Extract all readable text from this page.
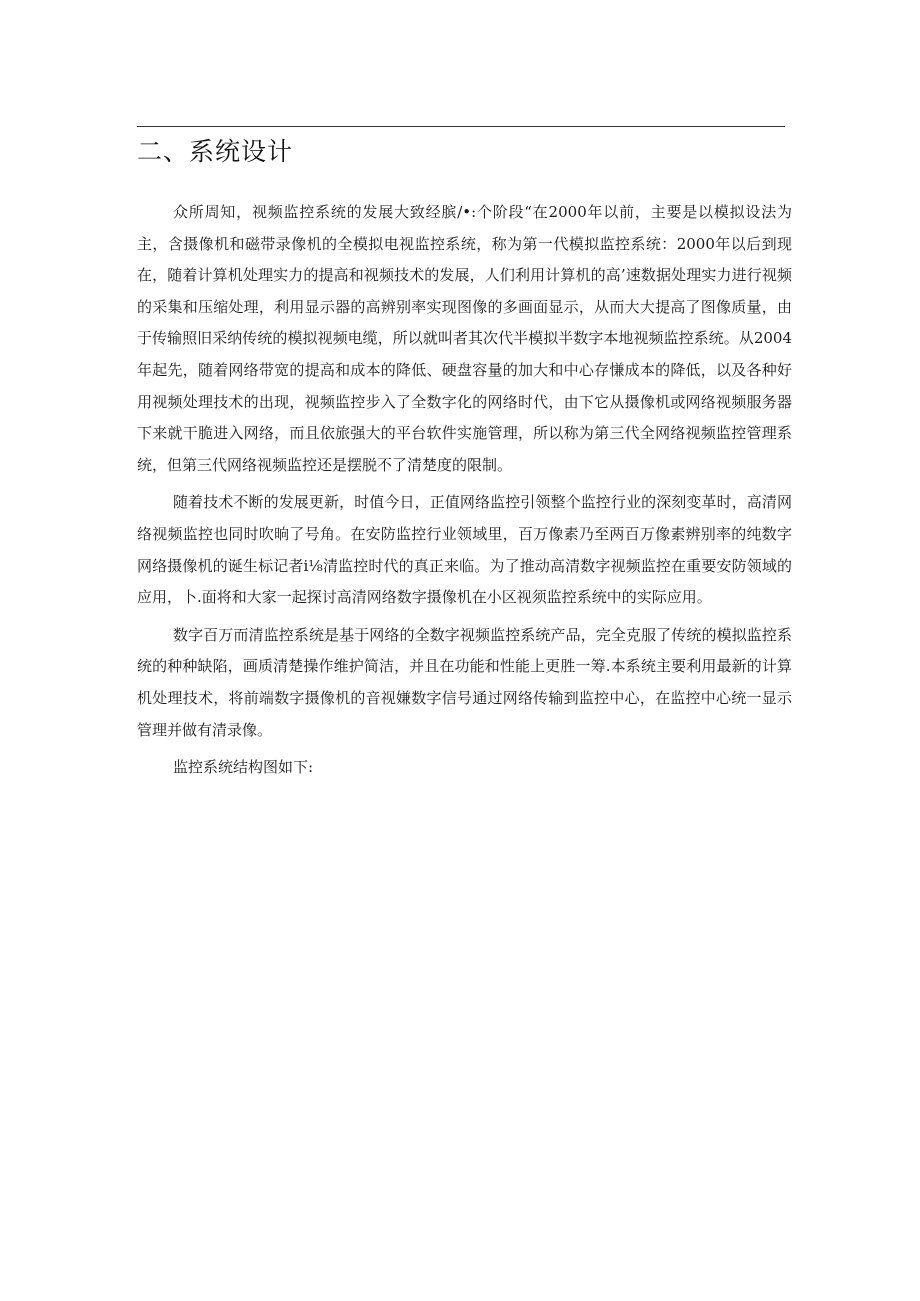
二、系统设计

众所周知，视频监控系统的发展大致经膑/•:个阶段“在2000年以前，主要是以模拟设法为主，含摄像机和磁带录像机的全模拟电视监控系统，称为第一代模拟监控系统：2000年以后到现在，随着计算机处理实力的提高和视频技术的发展，人们利用计算机的高’速数据处理实力进行视频的采集和压缩处理，利用显示器的高辨别率实现图像的多画面显示，从而大大提高了图像质量，由于传输照旧采纳传统的模拟视频电缆，所以就叫者其次代半模拟半数字本地视频监控系统。从2004年起先，随着网络带宽的提高和成本的降低、硬盘容量的加大和中心存慊成本的降低，以及各种好用视频处理技术的出现，视频监控步入了全数字化的网络时代，由下它从摄像机或网络视频服务器下来就干脆进入网络，而且依旅强大的平台软件实施管理，所以称为第三代全网络视频监控管理系统，但第三代网络视频监控还是摆脱不了清楚度的限制。

随着技术不断的发展更新，时值今日，正值网络监控引领整个监控行业的深刻变革时，高清网络视频监控也同时吹晌了号角。在安防监控行业领域里，百万像素乃至两百万像素辨别率的纯数字网络摄像机的诞生标记者i⅛清监控时代的真正来临。为了推动高清数字视频监控在重要安防领域的应用，卜.面将和大家一起探讨高清网络数字摄像机在小区视须监控系统中的实际应用。

数字百万而清监控系统是基于网络的全数字视频监控系统产品，完全克服了传统的模拟监控系统的种种缺陷，画质清楚操作维护简洁，并且在功能和性能上更胜一筹.本系统主要利用最新的计算机处理技术，将前端数字摄像机的音视嫌数字信号通过网络传输到监控中心，在监控中心统一显示管理并做有清录像。

监控系统结构图如下:
